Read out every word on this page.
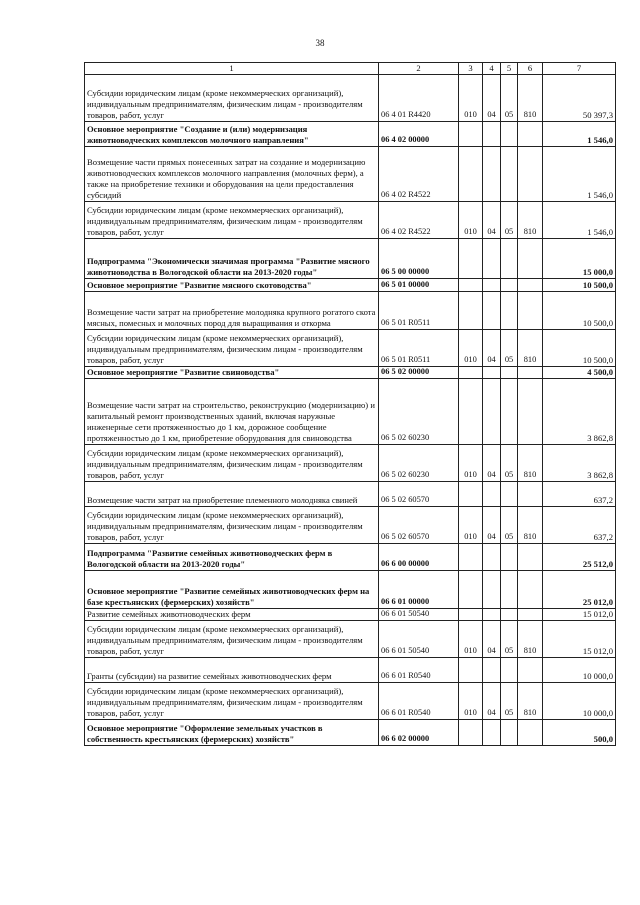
38
1	2	3	4	5	6	7
Субсидии юридическим лицам (кроме некоммерческих организаций), индивидуальным предпринимателям, физическим лицам - производителям товаров, работ, услуг	06 4 01 R4420	010	04	05	810	50 397,3
Основное мероприятие "Создание и (или) модернизация животноводческих комплексов молочного направления"	06 4 02 00000					1 546,0
Возмещение части прямых понесенных затрат на создание и модернизацию животноводческих комплексов молочного направления (молочных ферм), а также на приобретение техники и оборудования на цели предоставления субсидий	06 4 02 R4522					1 546,0
Субсидии юридическим лицам (кроме некоммерческих организаций), индивидуальным предпринимателям, физическим лицам - производителям товаров, работ, услуг	06 4 02 R4522	010	04	05	810	1 546,0
Подпрограмма "Экономически значимая программа "Развитие мясного животноводства в Вологодской области на 2013-2020 годы"	06 5 00 00000					15 000,0
Основное мероприятие "Развитие мясного скотоводства"	06 5 01 00000					10 500,0
Возмещение части затрат на приобретение молодняка крупного рогатого скота мясных, помесных и молочных пород для выращивания и откорма	06 5 01 R0511					10 500,0
Субсидии юридическим лицам (кроме некоммерческих организаций), индивидуальным предпринимателям, физическим лицам - производителям товаров, работ, услуг	06 5 01 R0511	010	04	05	810	10 500,0
Основное мероприятие "Развитие свиноводства"	06 5 02 00000					4 500,0
Возмещение части затрат на строительство, реконструкцию (модернизацию) и капитальный ремонт производственных зданий, включая наружные инженерные сети протяженностью до 1 км, дорожное сообщение протяженностью до 1 км, приобретение оборудования для свиноводства	06 5 02 60230					3 862,8
Субсидии юридическим лицам (кроме некоммерческих организаций), индивидуальным предпринимателям, физическим лицам - производителям товаров, работ, услуг	06 5 02 60230	010	04	05	810	3 862,8
Возмещение части затрат на приобретение племенного молодняка свиней	06 5 02 60570					637,2
Субсидии юридическим лицам (кроме некоммерческих организаций), индивидуальным предпринимателям, физическим лицам - производителям товаров, работ, услуг	06 5 02 60570	010	04	05	810	637,2
Подпрограмма "Развитие семейных животноводческих ферм в Вологодской области на 2013-2020 годы"	06 6 00 00000					25 512,0
Основное мероприятие "Развитие семейных животноводческих ферм на базе крестьянских (фермерских) хозяйств"	06 6 01 00000					25 012,0
Развитие семейных животноводческих ферм	06 6 01 50540					15 012,0
Субсидии юридическим лицам (кроме некоммерческих организаций), индивидуальным предпринимателям, физическим лицам - производителям товаров, работ, услуг	06 6 01 50540	010	04	05	810	15 012,0
Гранты (субсидии) на развитие семейных животноводческих ферм	06 6 01 R0540					10 000,0
Субсидии юридическим лицам (кроме некоммерческих организаций), индивидуальным предпринимателям, физическим лицам - производителям товаров, работ, услуг	06 6 01 R0540	010	04	05	810	10 000,0
Основное мероприятие "Оформление земельных участков в собственность крестьянских (фермерских) хозяйств"	06 6 02 00000					500,0
